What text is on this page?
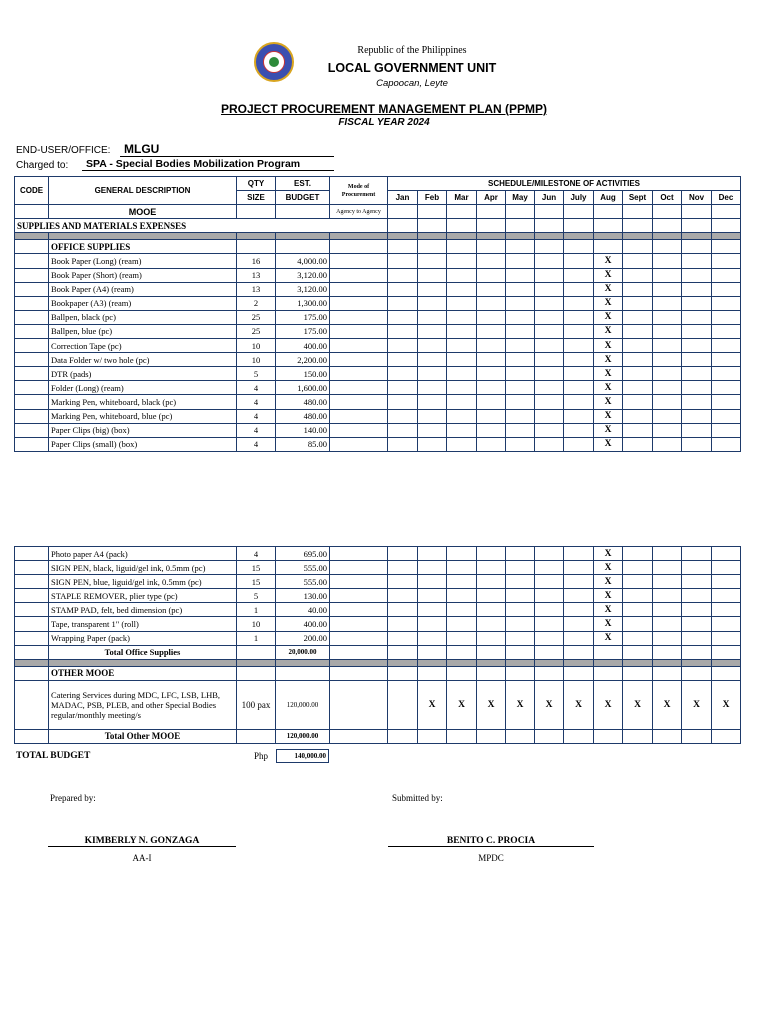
Republic of the Philippines
LOCAL GOVERNMENT UNIT
Capoocan, Leyte
PROJECT PROCUREMENT MANAGEMENT PLAN (PPMP)
FISCAL YEAR 2024
END-USER/OFFICE:	MLGU
Charged to:	SPA - Special Bodies Mobilization Program
CODE	GENERAL DESCRIPTION	QTY	EST.	Mode of Procurement	SCHEDULE/MILESTONE OF ACTIVITIES											
		SIZE	BUDGET		Jan	Feb	Mar	Apr	May	Jun	July	Aug	Sept	Oct	Nov	Dec
	MOOE			Agency to Agency												
SUPPLIES AND MATERIALS EXPENSES																

	OFFICE SUPPLIES															
	Book Paper (Long) (ream)	16	4,000.00									X				
	Book Paper (Short) (ream)	13	3,120.00									X				
	Book Paper (A4) (ream)	13	3,120.00									X				
	Bookpaper (A3) (ream)	2	1,300.00									X				
	Ballpen, black (pc)	25	175.00									X				
	Ballpen, blue (pc)	25	175.00									X				
	Correction Tape (pc)	10	400.00									X				
	Data Folder w/ two hole (pc)	10	2,200.00									X				
	DTR (pads)	5	150.00									X				
	Folder (Long) (ream)	4	1,600.00									X				
	Marking Pen, whiteboard, black (pc)	4	480.00									X				
	Marking Pen, whiteboard, blue (pc)	4	480.00									X				
	Paper Clips (big) (box)	4	140.00									X				
	Paper Clips (small) (box)	4	85.00									X				
	Photo paper A4 (pack)	4	695.00									X				
	SIGN PEN, black, liguid/gel ink, 0.5mm (pc)	15	555.00									X				
	SIGN PEN, blue, liguid/gel ink, 0.5mm (pc)	15	555.00									X				
	STAPLE REMOVER, plier type (pc)	5	130.00									X				
	STAMP PAD, felt, bed dimension (pc)	1	40.00									X				
	Tape, transparent 1" (roll)	10	400.00									X				
	Wrapping Paper (pack)	1	200.00									X				
	Total Office Supplies		20,000.00													

	OTHER MOOE															
	Catering Services during MDC, LFC, LSB, LHB, MADAC, PSB, PLEB, and other Special Bodies regular/monthly meeting/s	100 pax	120,000.00			X	X	X	X	X	X	X	X	X	X	X
	Total Other MOOE		120,000.00													
TOTAL BUDGET	Php	140,000.00
Prepared by:	Submitted by:
KIMBERLY N. GONZAGA
AA-I
BENITO C. PROCIA
MPDC
